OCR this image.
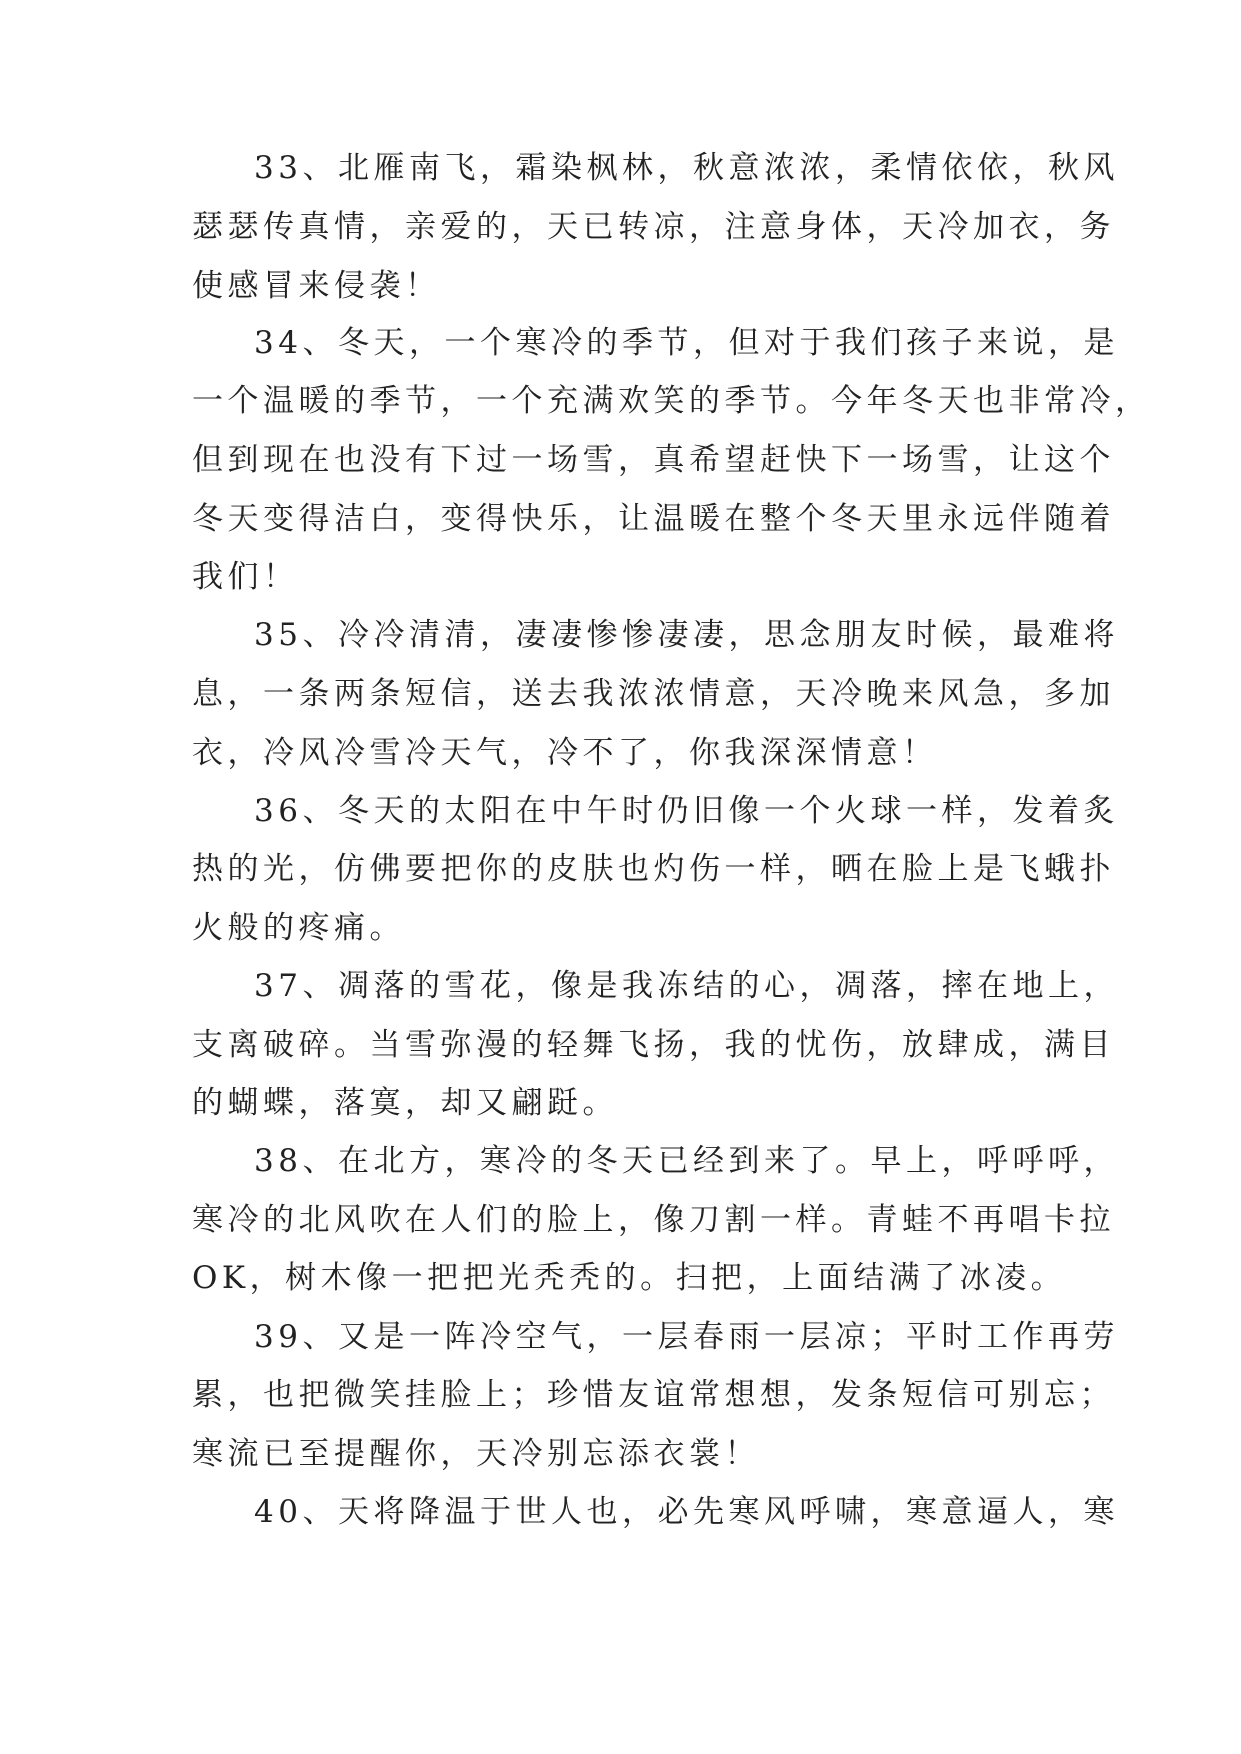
33、北雁南飞，霜染枫林，秋意浓浓，柔情依依，秋风
瑟瑟传真情，亲爱的，天已转凉，注意身体，天冷加衣，务
使感冒来侵袭！
34、冬天，一个寒冷的季节，但对于我们孩子来说，是
一个温暖的季节，一个充满欢笑的季节。今年冬天也非常冷，
但到现在也没有下过一场雪，真希望赶快下一场雪，让这个
冬天变得洁白，变得快乐，让温暖在整个冬天里永远伴随着
我们！
35、冷冷清清，凄凄惨惨凄凄，思念朋友时候，最难将
息，一条两条短信，送去我浓浓情意，天冷晚来风急，多加
衣，冷风冷雪冷天气，冷不了，你我深深情意！
36、冬天的太阳在中午时仍旧像一个火球一样，发着炙
热的光，仿佛要把你的皮肤也灼伤一样，晒在脸上是飞蛾扑
火般的疼痛。
37、凋落的雪花，像是我冻结的心，凋落，摔在地上，
支离破碎。当雪弥漫的轻舞飞扬，我的忧伤，放肆成，满目
的蝴蝶，落寞，却又翩跹。
38、在北方，寒冷的冬天已经到来了。早上，呼呼呼，
寒冷的北风吹在人们的脸上，像刀割一样。青蛙不再唱卡拉
OK，树木像一把把光秃秃的。扫把，上面结满了冰凌。
39、又是一阵冷空气，一层春雨一层凉；平时工作再劳
累，也把微笑挂脸上；珍惜友谊常想想，发条短信可别忘；
寒流已至提醒你，天冷别忘添衣裳！
40、天将降温于世人也，必先寒风呼啸，寒意逼人，寒
